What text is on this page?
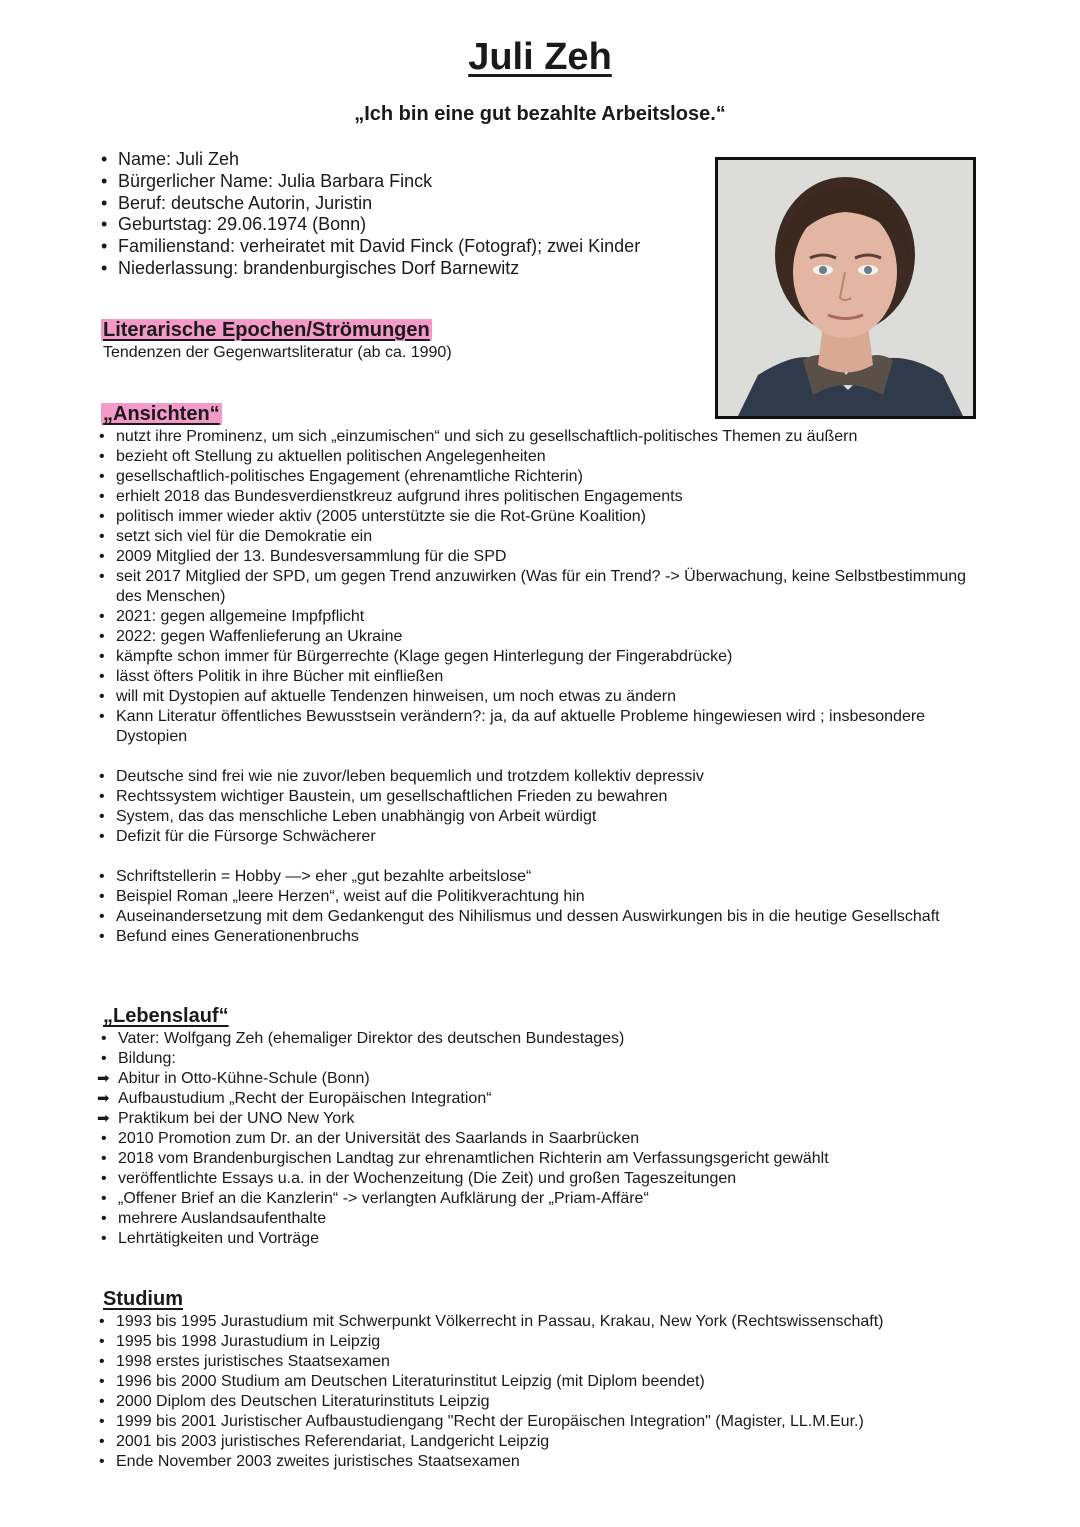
Juli Zeh
„Ich bin eine gut bezahlte Arbeitslose.“
• Name: Juli Zeh
• Bürgerlicher Name: Julia Barbara Finck
• Beruf: deutsche Autorin, Juristin
• Geburtstag: 29.06.1974 (Bonn)
• Familienstand: verheiratet mit David Finck (Fotograf); zwei Kinder
• Niederlassung: brandenburgisches Dorf Barnewitz
Literarische Epochen/Strömungen
Tendenzen der Gegenwartsliteratur (ab ca. 1990)
„Ansichten“
• nutzt ihre Prominenz, um sich „einzumischen“ und sich zu gesellschaftlich-politisches Themen zu äußern
• bezieht oft Stellung zu aktuellen politischen Angelegenheiten
• gesellschaftlich-politisches Engagement (ehrenamtliche Richterin)
• erhielt 2018 das Bundesverdienstkreuz aufgrund ihres politischen Engagements
• politisch immer wieder aktiv (2005 unterstützte sie die Rot-Grüne Koalition)
• setzt sich viel für die Demokratie ein
• 2009 Mitglied der 13. Bundesversammlung für die SPD
• seit 2017 Mitglied der SPD, um gegen Trend anzuwirken (Was für ein Trend? -> Überwachung, keine Selbstbestimmung des Menschen)
• 2021: gegen allgemeine Impfpflicht
• 2022: gegen Waffenlieferung an Ukraine
• kämpfte schon immer für Bürgerrechte (Klage gegen Hinterlegung der Fingerabdrücke)
• lässt öfters Politik in ihre Bücher mit einfließen
• will mit Dystopien auf aktuelle Tendenzen hinweisen, um noch etwas zu ändern
• Kann Literatur öffentliches Bewusstsein verändern?: ja, da auf aktuelle Probleme hingewiesen wird ; insbesondere Dystopien
• Deutsche sind frei wie nie zuvor/leben bequemlich und trotzdem kollektiv depressiv
• Rechtssystem wichtiger Baustein, um gesellschaftlichen Frieden zu bewahren
• System, das das menschliche Leben unabhängig von Arbeit würdigt
• Defizit für die Fürsorge Schwächerer
• Schriftstellerin = Hobby —> eher „gut bezahlte arbeitslose“
• Beispiel Roman „leere Herzen“, weist auf die Politikverachtung hin
• Auseinandersetzung mit dem Gedankengut des Nihilismus und dessen Auswirkungen bis in die heutige Gesellschaft
• Befund eines Generationenbruchs
„Lebenslauf“
• Vater: Wolfgang Zeh (ehemaliger Direktor des deutschen Bundestages)
• Bildung:
➡ Abitur in Otto-Kühne-Schule (Bonn)
➡ Aufbaustudium „Recht der Europäischen Integration“
➡ Praktikum bei der UNO New York
• 2010 Promotion zum Dr. an der Universität des Saarlands in Saarbrücken
• 2018 vom Brandenburgischen Landtag zur ehrenamtlichen Richterin am Verfassungsgericht gewählt
• veröffentlichte Essays u.a. in der Wochenzeitung (Die Zeit) und großen Tageszeitungen
• „Offener Brief an die Kanzlerin“ -> verlangten Aufklärung der „Priam-Affäre“
• mehrere Auslandsaufenthalte
• Lehrtätigkeiten und Vorträge
Studium
• 1993 bis 1995 Jurastudium mit Schwerpunkt Völkerrecht in Passau, Krakau, New York (Rechtswissenschaft)
• 1995 bis 1998 Jurastudium in Leipzig
• 1998 erstes juristisches Staatsexamen
• 1996 bis 2000 Studium am Deutschen Literaturinstitut Leipzig (mit Diplom beendet)
• 2000 Diplom des Deutschen Literaturinstituts Leipzig
• 1999 bis 2001 Juristischer Aufbaustudiengang "Recht der Europäischen Integration" (Magister, LL.M.Eur.)
• 2001 bis 2003 juristisches Referendariat, Landgericht Leipzig
• Ende November 2003 zweites juristisches Staatsexamen
